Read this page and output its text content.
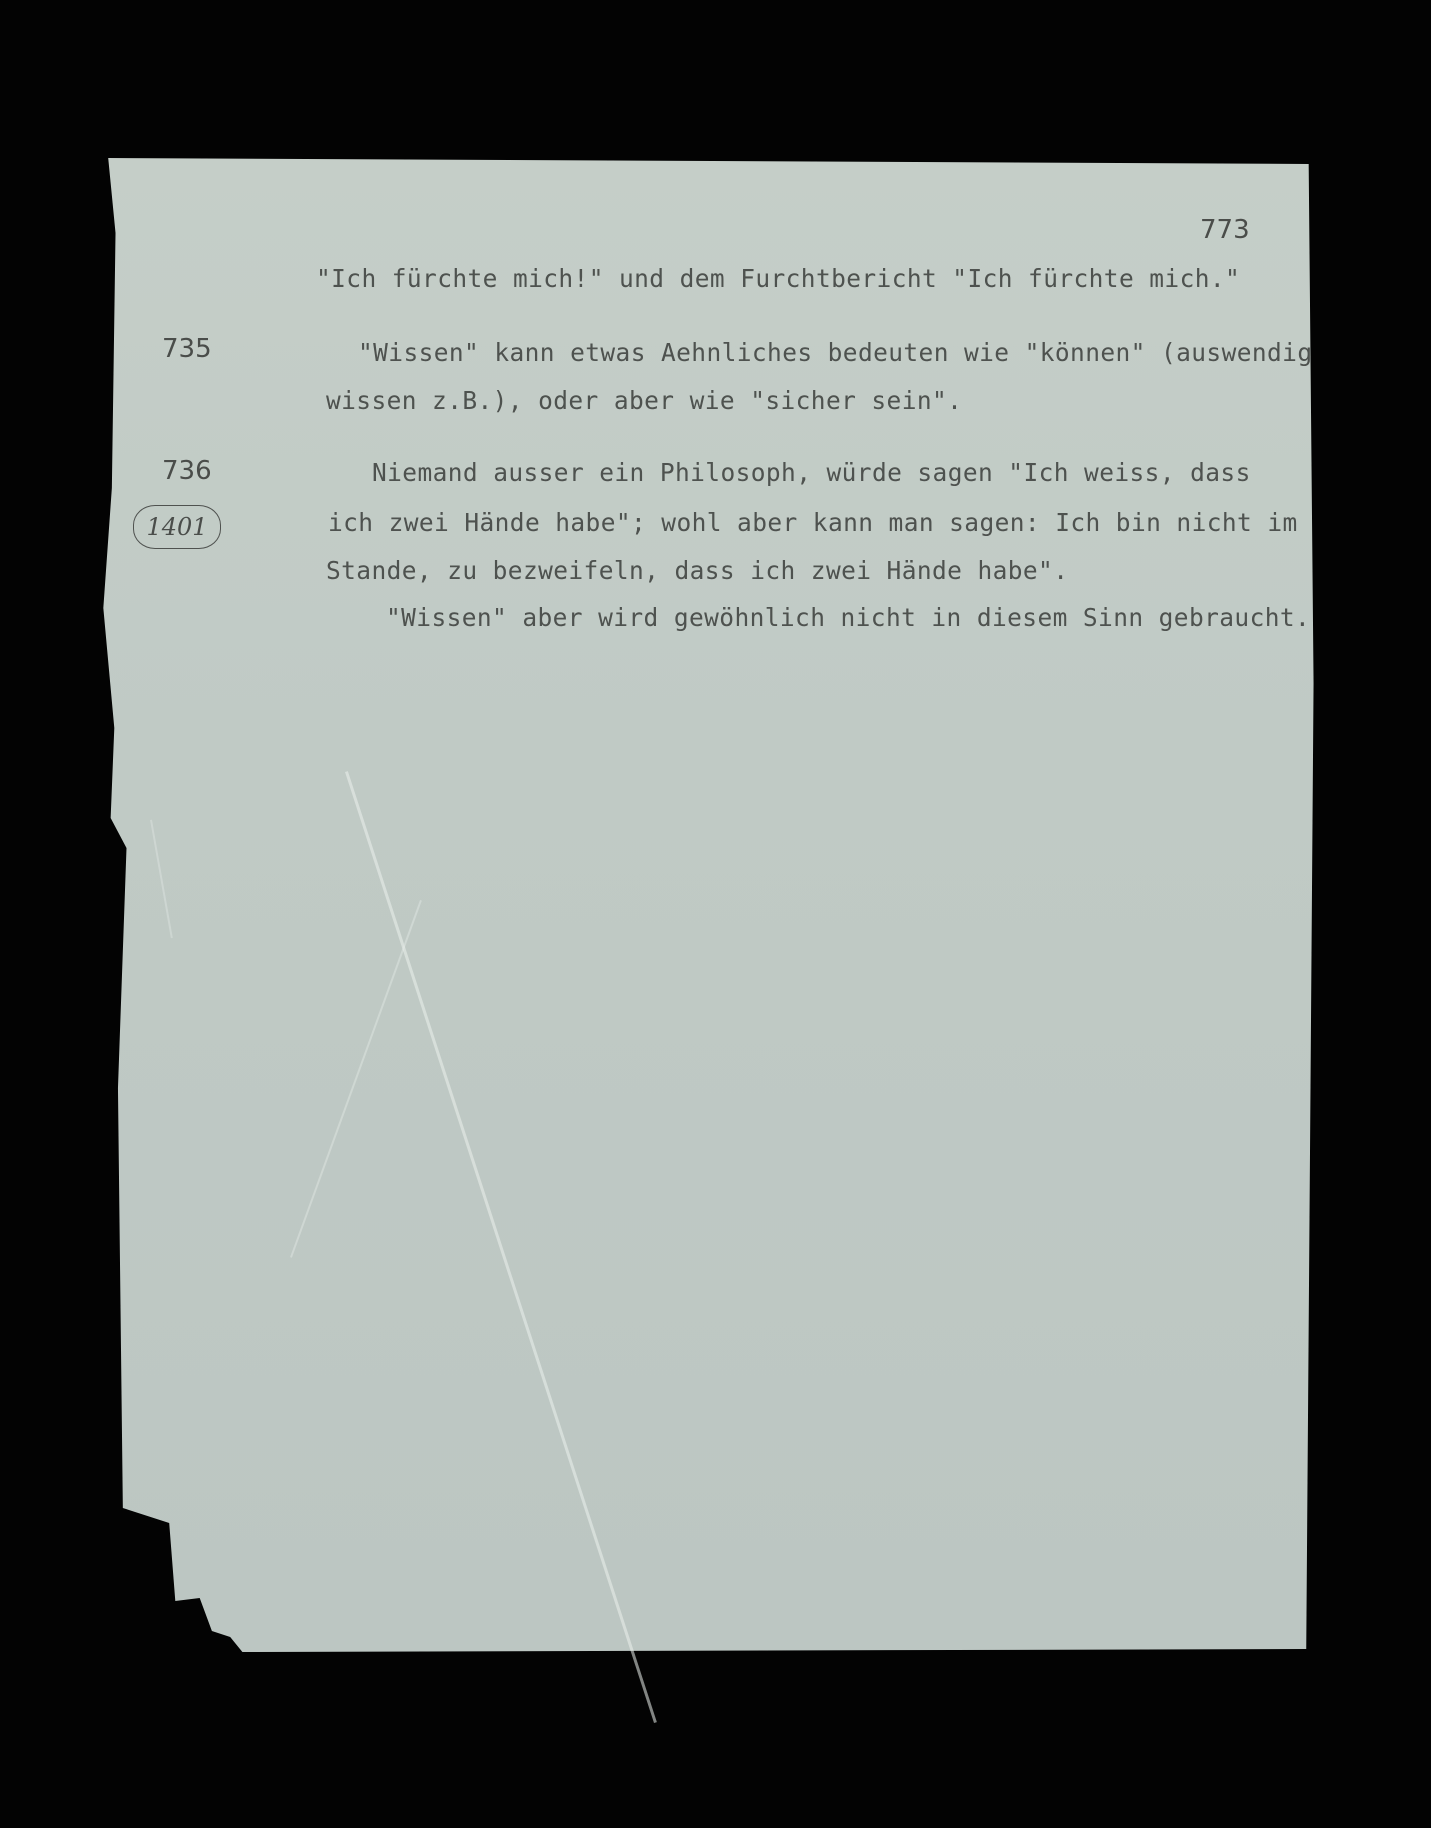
773
"Ich fürchte mich!" und dem Furchtbericht "Ich fürchte mich."
735	"Wissen" kann etwas Aehnliches bedeuten wie "können" (auswendig
wissen z.B.), oder aber wie "sicher sein".
736	Niemand ausser ein Philosoph, würde sagen "Ich weiss, dass
1401	ich zwei Hände habe"; wohl aber kann man sagen: Ich bin nicht im
Stande, zu bezweifeln, dass ich zwei Hände habe".
"Wissen" aber wird gewöhnlich nicht in diesem Sinn gebraucht.
